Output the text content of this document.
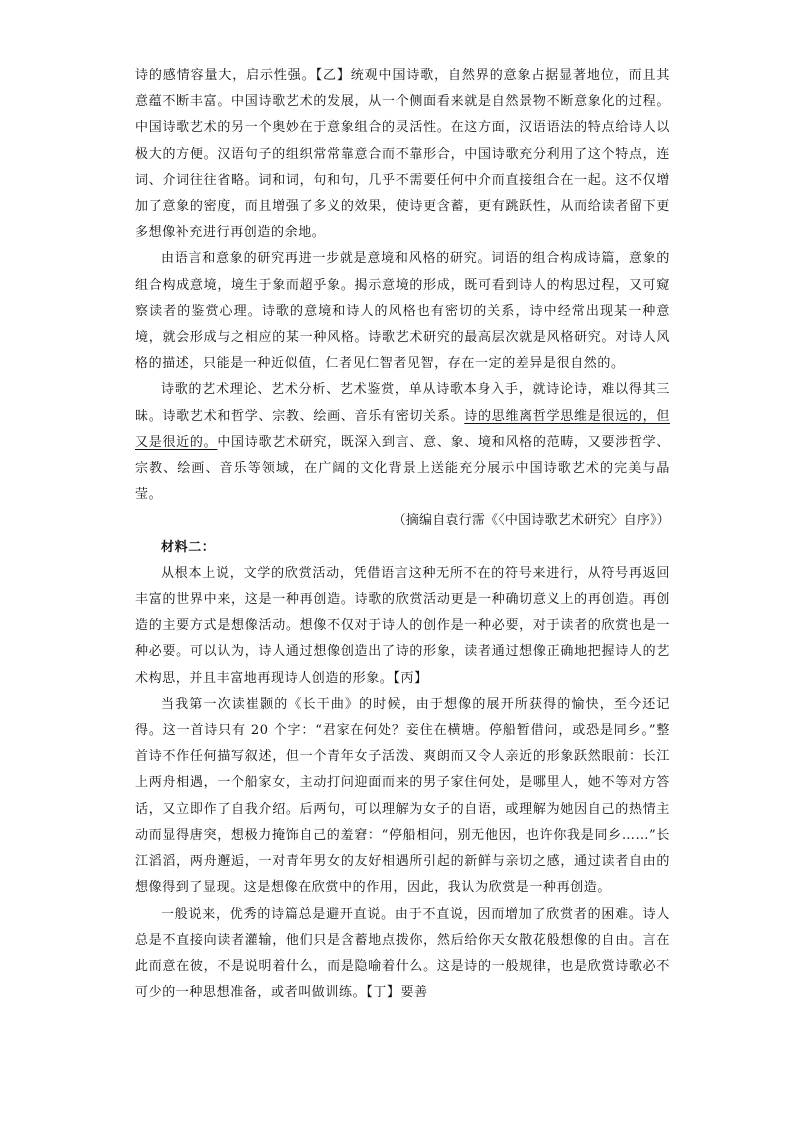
诗的感情容量大，启示性强。【乙】统观中国诗歌，自然界的意象占据显著地位，而且其意蕴不断丰富。中国诗歌艺术的发展，从一个侧面看来就是自然景物不断意象化的过程。中国诗歌艺术的另一个奥妙在于意象组合的灵活性。在这方面，汉语语法的特点给诗人以极大的方便。汉语句子的组织常常靠意合而不靠形合，中国诗歌充分利用了这个特点，连词、介词往往省略。词和词，句和句，几乎不需要任何中介而直接组合在一起。这不仅增加了意象的密度，而且增强了多义的效果，使诗更含蓄，更有跳跃性，从而给读者留下更多想像补充进行再创造的余地。

由语言和意象的研究再进一步就是意境和风格的研究。词语的组合构成诗篇，意象的组合构成意境，境生于象而超乎象。揭示意境的形成，既可看到诗人的构思过程，又可窥察读者的鉴赏心理。诗歌的意境和诗人的风格也有密切的关系，诗中经常出现某一种意境，就会形成与之相应的某一种风格。诗歌艺术研究的最高层次就是风格研究。对诗人风格的描述，只能是一种近似值，仁者见仁智者见智，存在一定的差异是很自然的。

诗歌的艺术理论、艺术分析、艺术鉴赏，单从诗歌本身入手，就诗论诗，难以得其三昧。诗歌艺术和哲学、宗教、绘画、音乐有密切关系。诗的思维离哲学思维是很远的，但又是很近的。中国诗歌艺术研究，既深入到言、意、象、境和风格的范畴，又要涉哲学、宗教、绘画、音乐等领域，在广阔的文化背景上送能充分展示中国诗歌艺术的完美与晶莹。

（摘编自袁行霈《〈中国诗歌艺术研究〉自序》）

材料二：

从根本上说，文学的欣赏活动，凭借语言这种无所不在的符号来进行，从符号再返回丰富的世界中来，这是一种再创造。诗歌的欣赏活动更是一种确切意义上的再创造。再创造的主要方式是想像活动。想像不仅对于诗人的创作是一种必要，对于读者的欣赏也是一种必要。可以认为，诗人通过想像创造出了诗的形象，读者通过想像正确地把握诗人的艺术构思，并且丰富地再现诗人创造的形象。【丙】

当我第一次读崔颢的《长干曲》的时候，由于想像的展开所获得的愉快，至今还记得。这一首诗只有 20 个字：“君家在何处？妾住在横塘。停船暂借问，或恐是同乡。”整首诗不作任何描写叙述，但一个青年女子活泼、爽朗而又令人亲近的形象跃然眼前：长江上两舟相遇，一个船家女，主动打问迎面而来的男子家住何处，是哪里人，她不等对方答话，又立即作了自我介绍。后两句，可以理解为女子的自语，或理解为她因自己的热情主动而显得唐突，想极力掩饰自己的羞窘：“停船相问，别无他因，也许你我是同乡……”长江滔滔，两舟邂逅，一对青年男女的友好相遇所引起的新鲜与亲切之感，通过读者自由的想像得到了显现。这是想像在欣赏中的作用，因此，我认为欣赏是一种再创造。

一般说来，优秀的诗篇总是避开直说。由于不直说，因而增加了欣赏者的困难。诗人总是不直接向读者灌输，他们只是含蓄地点拨你，然后给你天女散花般想像的自由。言在此而意在彼，不是说明着什么，而是隐喻着什么。这是诗的一般规律，也是欣赏诗歌必不可少的一种思想准备，或者叫做训练。【丁】要善
